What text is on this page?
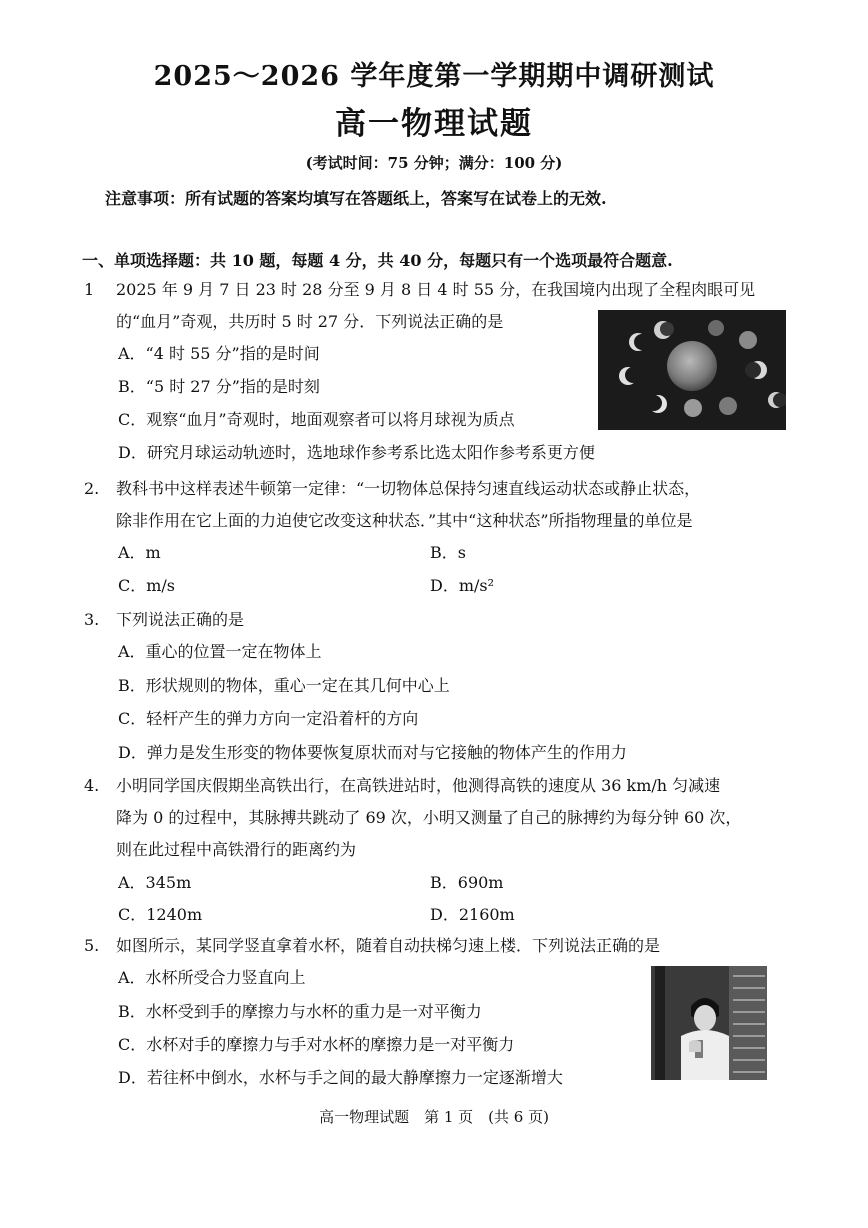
2025～2026 学年度第一学期期中调研测试
高一物理试题
(考试时间：75 分钟；满分：100 分)
注意事项：所有试题的答案均填写在答题纸上，答案写在试卷上的无效.
一、单项选择题：共 10 题，每题 4 分，共 40 分，每题只有一个选项最符合题意.
1 2025 年 9 月 7 日 23 时 28 分至 9 月 8 日 4 时 55 分，在我国境内出现了全程肉眼可见
的“血月”奇观，共历时 5 时 27 分．下列说法正确的是
A．“4 时 55 分”指的是时间
B．“5 时 27 分”指的是时刻
C．观察“血月”奇观时，地面观察者可以将月球视为质点
D．研究月球运动轨迹时，选地球作参考系比选太阳作参考系更方便
2. 教科书中这样表述牛顿第一定律：“一切物体总保持匀速直线运动状态或静止状态，
除非作用在它上面的力迫使它改变这种状态．”其中“这种状态”所指物理量的单位是
A．m	B．s
C．m/s	D．m/s²
3. 下列说法正确的是
A．重心的位置一定在物体上
B．形状规则的物体，重心一定在其几何中心上
C．轻杆产生的弹力方向一定沿着杆的方向
D．弹力是发生形变的物体要恢复原状而对与它接触的物体产生的作用力
4. 小明同学国庆假期坐高铁出行，在高铁进站时，他测得高铁的速度从 36 km/h 匀减速
降为 0 的过程中，其脉搏共跳动了 69 次，小明又测量了自己的脉搏约为每分钟 60 次，
则在此过程中高铁滑行的距离约为
A．345m	B．690m
C．1240m	D．2160m
5. 如图所示，某同学竖直拿着水杯，随着自动扶梯匀速上楼．下列说法正确的是
A．水杯所受合力竖直向上
B．水杯受到手的摩擦力与水杯的重力是一对平衡力
C．水杯对手的摩擦力与手对水杯的摩擦力是一对平衡力
D．若往杯中倒水，水杯与手之间的最大静摩擦力一定逐渐增大
高一物理试题　第 1 页　(共 6 页)
